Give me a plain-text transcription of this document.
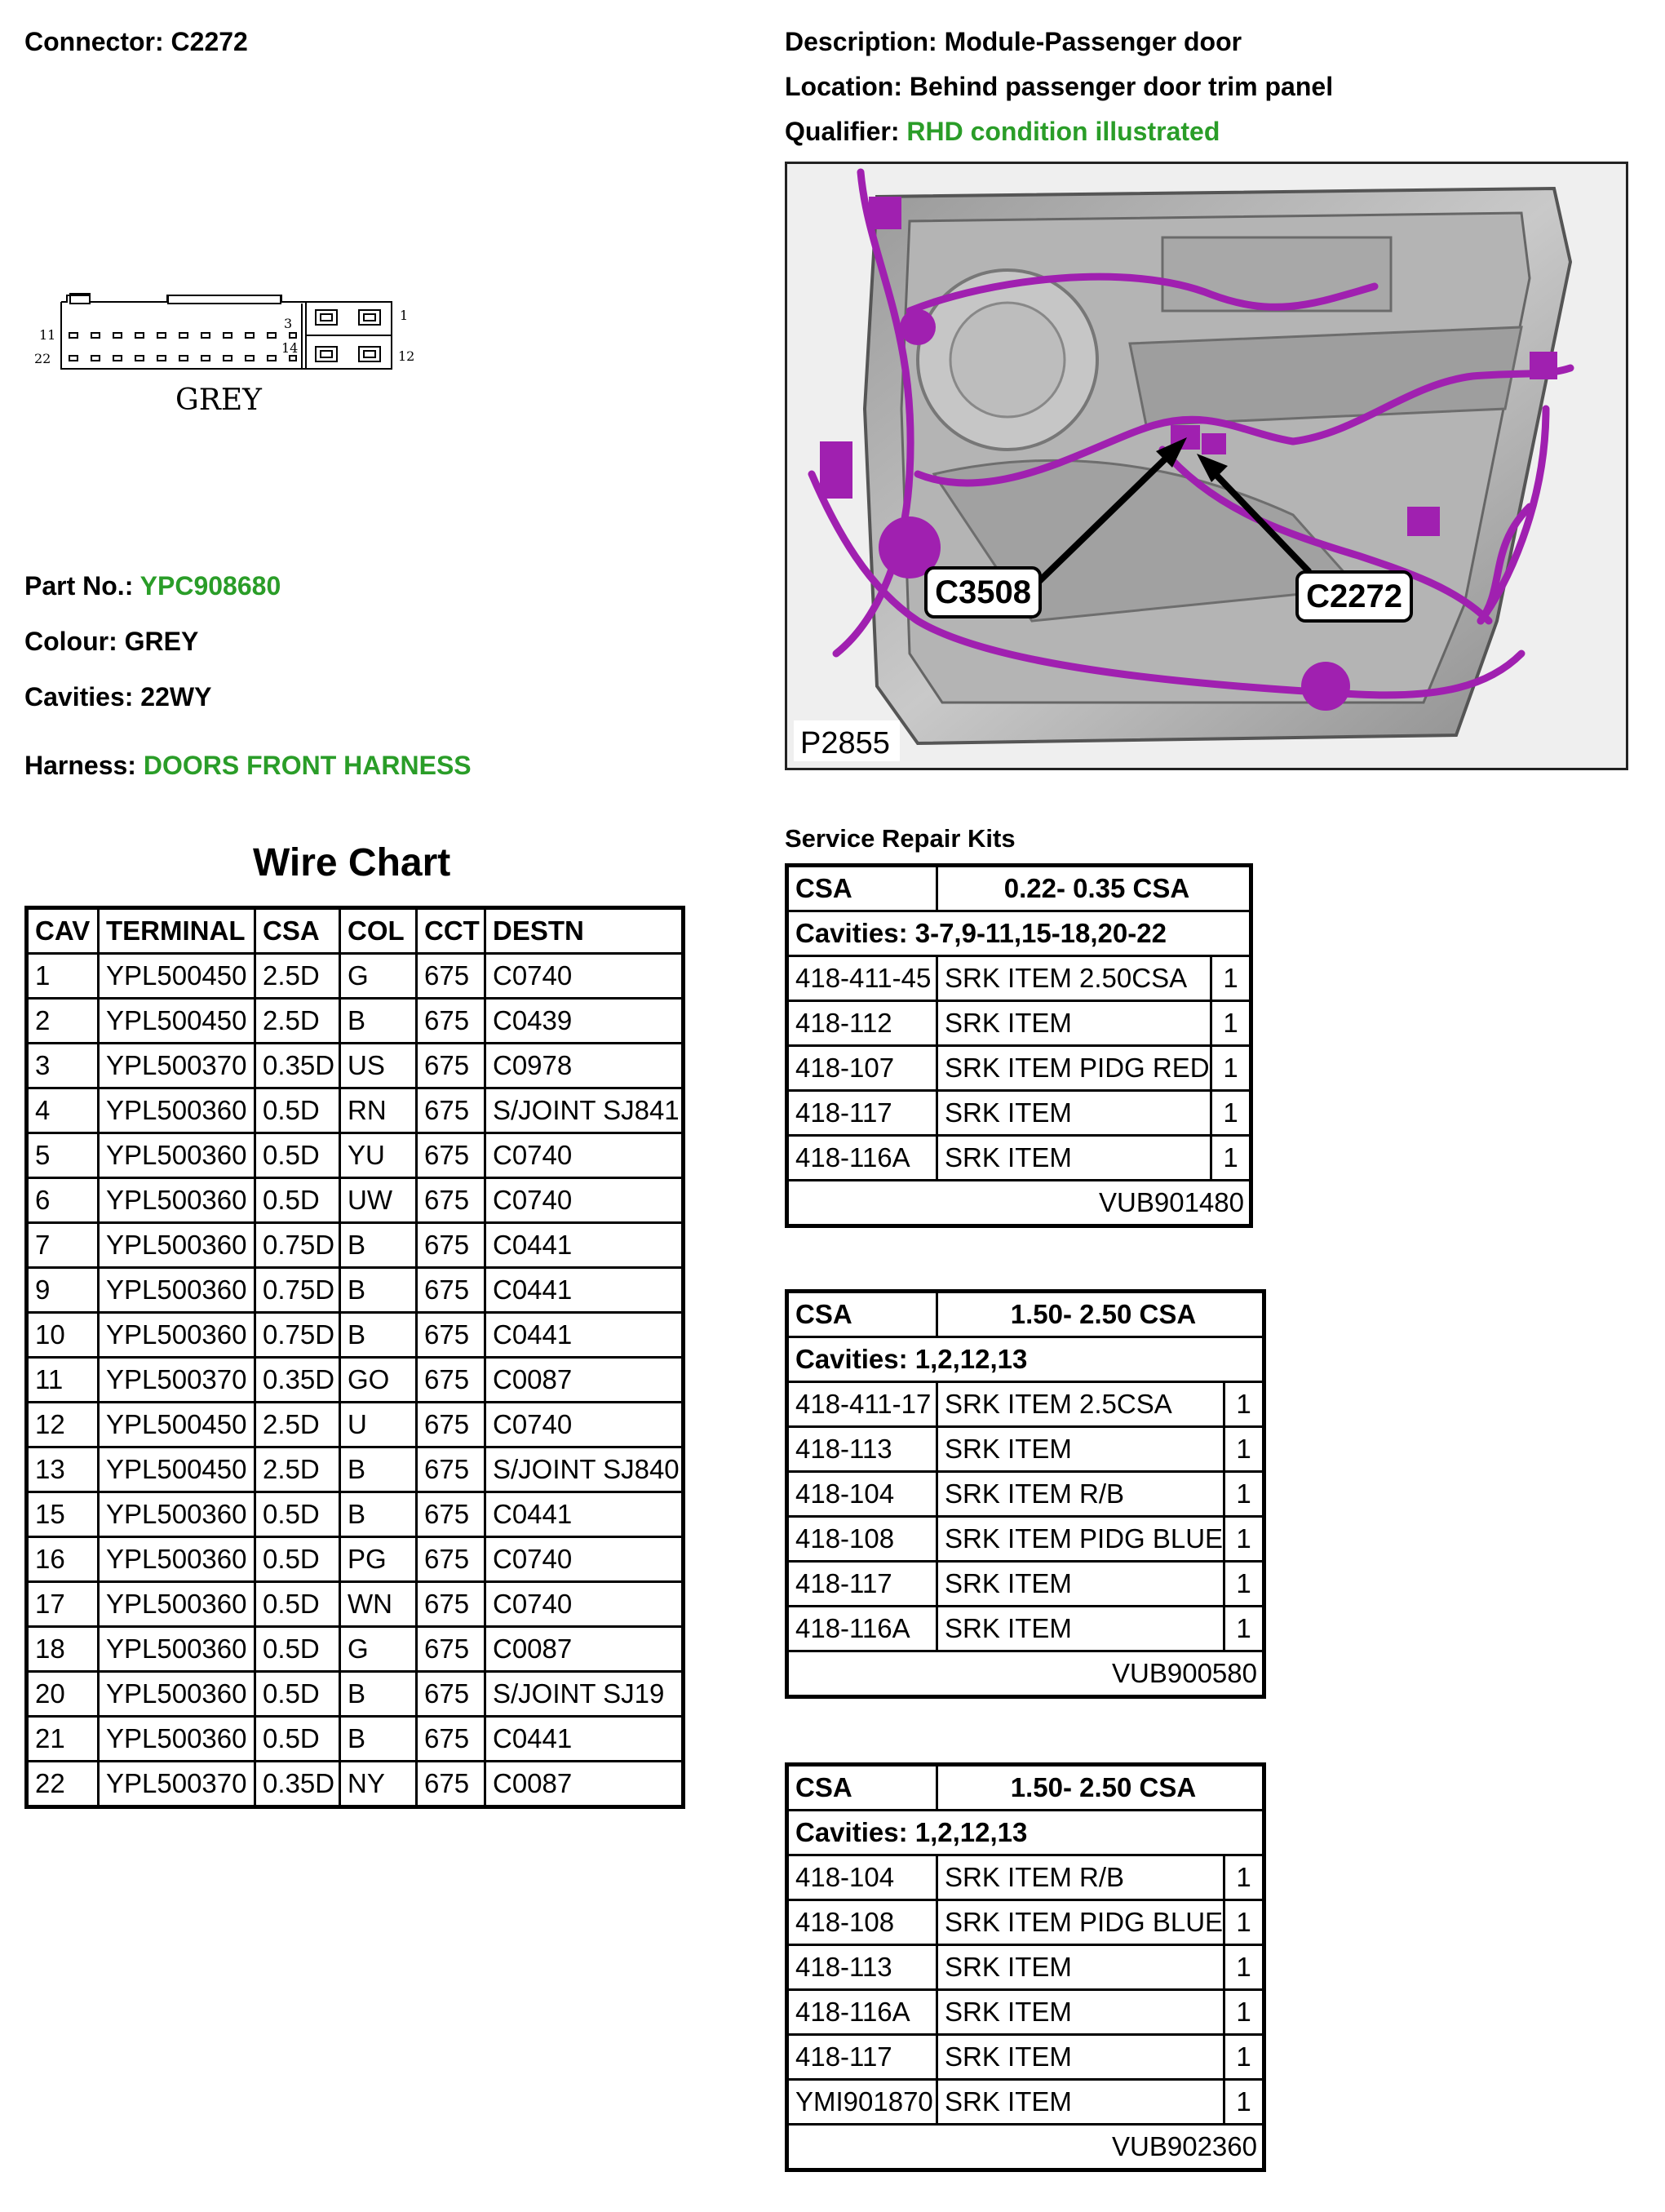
Connector: C2272	Description: Module-Passenger door
Location: Behind passenger door trim panel
Qualifier: RHD condition illustrated
1
11
22
3
14
12
GREY
Part No.: YPC908680
Colour: GREY
Cavities: 22WY
Harness: DOORS FRONT HARNESS
C3508	C2272
P2855
Wire Chart
CAV	TERMINAL	CSA	COL	CCT	DESTN
1	YPL500450	2.5D	G	675	C0740
2	YPL500450	2.5D	B	675	C0439
3	YPL500370	0.35D	US	675	C0978
4	YPL500360	0.5D	RN	675	S/JOINT SJ841
5	YPL500360	0.5D	YU	675	C0740
6	YPL500360	0.5D	UW	675	C0740
7	YPL500360	0.75D	B	675	C0441
9	YPL500360	0.75D	B	675	C0441
10	YPL500360	0.75D	B	675	C0441
11	YPL500370	0.35D	GO	675	C0087
12	YPL500450	2.5D	U	675	C0740
13	YPL500450	2.5D	B	675	S/JOINT SJ840
15	YPL500360	0.5D	B	675	C0441
16	YPL500360	0.5D	PG	675	C0740
17	YPL500360	0.5D	WN	675	C0740
18	YPL500360	0.5D	G	675	C0087
20	YPL500360	0.5D	B	675	S/JOINT SJ19
21	YPL500360	0.5D	B	675	C0441
22	YPL500370	0.35D	NY	675	C0087
Service Repair Kits
CSA	0.22- 0.35 CSA	
Cavities: 3-7,9-11,15-18,20-22		
418-411-45	SRK ITEM 2.50CSA	1
418-112	SRK ITEM	1
418-107	SRK ITEM PIDG RED	1
418-117	SRK ITEM	1
418-116A	SRK ITEM	1
VUB901480		
CSA	1.50- 2.50 CSA	
Cavities: 1,2,12,13		
418-411-17	SRK ITEM 2.5CSA	1
418-113	SRK ITEM	1
418-104	SRK ITEM R/B	1
418-108	SRK ITEM PIDG BLUE	1
418-117	SRK ITEM	1
418-116A	SRK ITEM	1
VUB900580		
CSA	1.50- 2.50 CSA	
Cavities: 1,2,12,13		
418-104	SRK ITEM R/B	1
418-108	SRK ITEM PIDG BLUE	1
418-113	SRK ITEM	1
418-116A	SRK ITEM	1
418-117	SRK ITEM	1
YMI901870	SRK ITEM	1
VUB902360		
